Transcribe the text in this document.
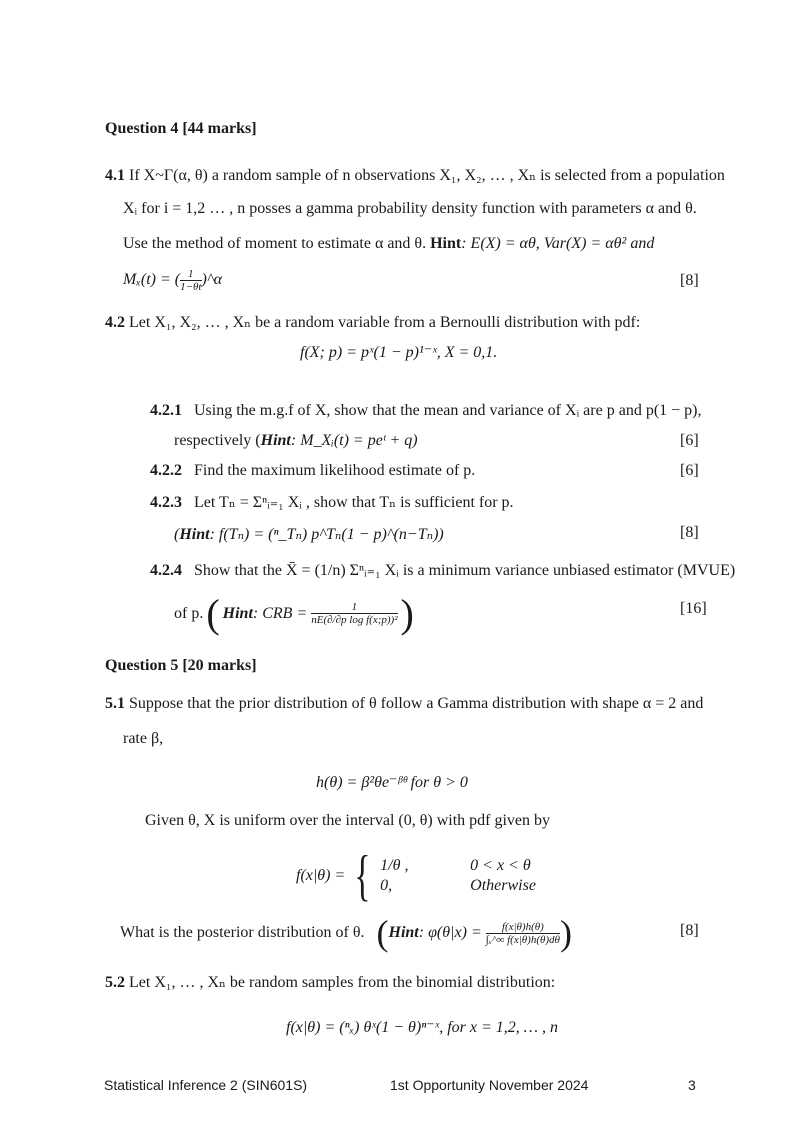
Question 4 [44 marks]
4.1 If X~Γ(α, θ) a random sample of n observations X₁, X₂, … , Xₙ is selected from a population
Xᵢ for i = 1,2 … , n posses a gamma probability density function with parameters α and θ.
Use the method of moment to estimate α and θ. Hint: E(X) = αθ, Var(X) = αθ² and
Mₓ(t) = ( $\frac{1}{1-\theta t}$ )^α	[8]
4.2 Let X₁, X₂, … , Xₙ be a random variable from a Bernoulli distribution with pdf:
f(X; p) = pˣ(1 − p)¹⁻ˣ, X = 0,1.
4.2.1 Using the m.g.f of X, show that the mean and variance of Xᵢ are p and p(1 − p),
respectively (Hint: M_Xᵢ(t) = peᵗ + q)	[6]
4.2.2 Find the maximum likelihood estimate of p.	[6]
4.2.3 Let Tₙ = Σⁿᵢ₌₁ Xᵢ , show that Tₙ is sufficient for p.
(Hint: f(Tₙ) = (ⁿ_Tₙ) p^Tₙ(1 − p)^(n−Tₙ))	[8]
4.2.4 Show that the X̄ = (1/n) Σⁿᵢ₌₁ Xᵢ is a minimum variance unbiased estimator (MVUE)
of p. ( Hint : CRB =
$\frac{1}{\text{nE(∂/∂p log f(x;p))²}}$ )	[16]
Question 5 [20 marks]
5.1 Suppose that the prior distribution of θ follow a Gamma distribution with shape α = 2 and
rate β,
h(θ) = β²θe⁻ᵝᶿ for θ > 0
Given θ, X is uniform over the interval (0, θ) with pdf given by
f(x|θ) = { 1/θ ,	0 < x < θ
0,	Otherwise
What is the posterior distribution of θ.
( Hint : φ(θ|x) =
$\frac{f(x|\theta)h(\theta)}{\text{∫ₓ\textasciicircum{}∞ f(x|θ)h(θ)dθ}}$ )	[8]
5.2 Let X₁, … , Xₙ be random samples from the binomial distribution:
f(x|θ) = (ⁿₓ) θˣ(1 − θ)ⁿ⁻ˣ, for x = 1,2, … , n
Statistical Inference 2 (SIN601S)	1st Opportunity November 2024	3
